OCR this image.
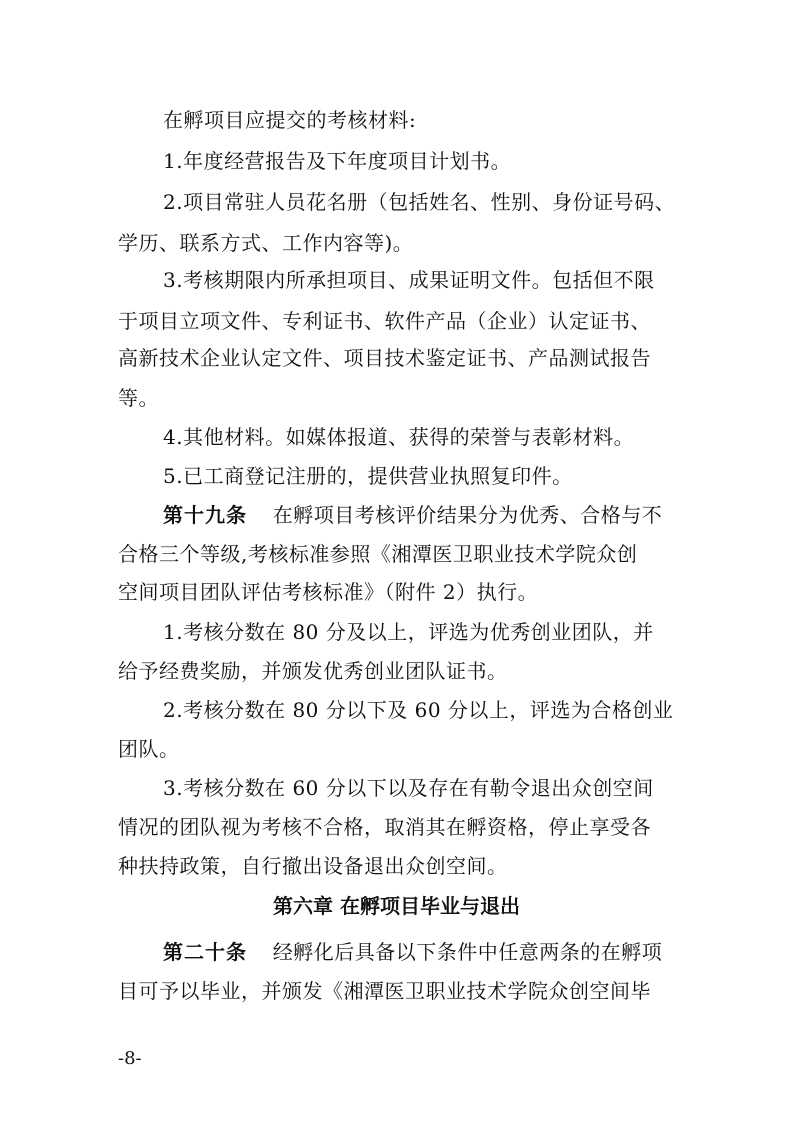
在孵项目应提交的考核材料:
1.年度经营报告及下年度项目计划书。
2.项目常驻人员花名册（包括姓名、性别、身份证号码、
学历、联系方式、工作内容等)。
3.考核期限内所承担项目、成果证明文件。包括但不限
于项目立项文件、专利证书、软件产品（企业）认定证书、
高新技术企业认定文件、项目技术鉴定证书、产品测试报告
等。
4.其他材料。如媒体报道、获得的荣誉与表彰材料。
5.已工商登记注册的，提供营业执照复印件。
第十九条 在孵项目考核评价结果分为优秀、合格与不
合格三个等级,考核标准参照《湘潭医卫职业技术学院众创
空间项目团队评估考核标准》（附件 2）执行。
1.考核分数在 80 分及以上，评选为优秀创业团队，并
给予经费奖励，并颁发优秀创业团队证书。
2.考核分数在 80 分以下及 60 分以上，评选为合格创业
团队。
3.考核分数在 60 分以下以及存在有勒令退出众创空间
情况的团队视为考核不合格，取消其在孵资格，停止享受各
种扶持政策，自行撤出设备退出众创空间。
第六章 在孵项目毕业与退出
第二十条 经孵化后具备以下条件中任意两条的在孵项
目可予以毕业，并颁发《湘潭医卫职业技术学院众创空间毕
-8-
